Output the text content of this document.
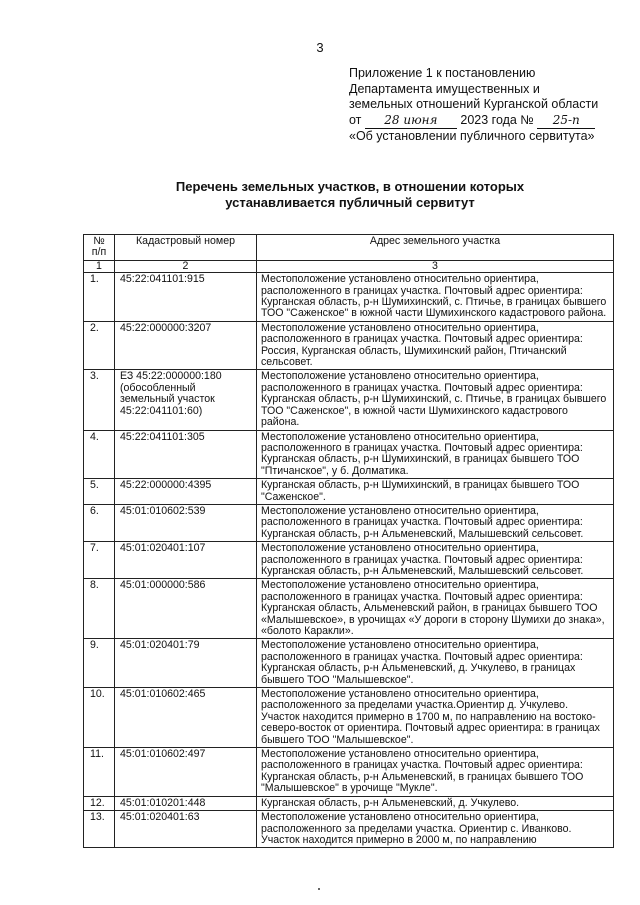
3
Приложение 1 к постановлению
Департамента имущественных и
земельных отношений Курганской области
от 28 июня 2023 года № 25-п
«Об установлении публичного сервитута»
Перечень земельных участков, в отношении которых
устанавливается публичный сервитут
№ п/п	Кадастровый номер	Адрес земельного участка
1	2	3
1.	45:22:041101:915	Местоположение установлено относительно ориентира, расположенного в границах участка. Почтовый адрес ориентира: Курганская область, р-н Шумихинский, с. Птичье, в границах бывшего ТОО "Саженское" в южной части Шумихинского кадастрового района.
2.	45:22:000000:3207	Местоположение установлено относительно ориентира, расположенного в границах участка. Почтовый адрес ориентира: Россия, Курганская область, Шумихинский район, Птичанский сельсовет.
3.	ЕЗ 45:22:000000:180 (обособленный земельный участок 45:22:041101:60)	Местоположение установлено относительно ориентира, расположенного в границах участка. Почтовый адрес ориентира: Курганская область, р-н Шумихинский, с. Птичье, в границах бывшего ТОО "Саженское", в южной части Шумихинского кадастрового района.
4.	45:22:041101:305	Местоположение установлено относительно ориентира, расположенного в границах участка. Почтовый адрес ориентира: Курганская область, р-н Шумихинский, в границах бывшего ТОО "Птичанское", у б. Долматика.
5.	45:22:000000:4395	Курганская область, р-н Шумихинский, в границах бывшего ТОО "Саженское".
6.	45:01:010602:539	Местоположение установлено относительно ориентира, расположенного в границах участка. Почтовый адрес ориентира: Курганская область, р-н Альменевский, Малышевский сельсовет.
7.	45:01:020401:107	Местоположение установлено относительно ориентира, расположенного в границах участка. Почтовый адрес ориентира: Курганская область, р-н Альменевский, Малышевский сельсовет.
8.	45:01:000000:586	Местоположение установлено относительно ориентира, расположенного в границах участка. Почтовый адрес ориентира: Курганская область, Альменевский район, в границах бывшего ТОО «Малышевское», в урочищах «У дороги в сторону Шумихи до знака», «болото Каракли».
9.	45:01:020401:79	Местоположение установлено относительно ориентира, расположенного в границах участка. Почтовый адрес ориентира: Курганская область, р-н Альменевский, д. Учкулево, в границах бывшего ТОО "Малышевское".
10.	45:01:010602:465	Местоположение установлено относительно ориентира, расположенного за пределами участка.Ориентир д. Учкулево. Участок находится примерно в 1700 м, по направлению на востоко-северо-восток от ориентира. Почтовый адрес ориентира: в границах бывшего ТОО "Малышевское".
11.	45:01:010602:497	Местоположение установлено относительно ориентира, расположенного в границах участка. Почтовый адрес ориентира: Курганская область, р-н Альменевский, в границах бывшего ТОО "Малышевское" в урочище "Мукле".
12.	45:01:010201:448	Курганская область, р-н Альменевский, д. Учкулево.
13.	45:01:020401:63	Местоположение установлено относительно ориентира, расположенного за пределами участка. Ориентир с. Иванково. Участок находится примерно в 2000 м, по направлению
